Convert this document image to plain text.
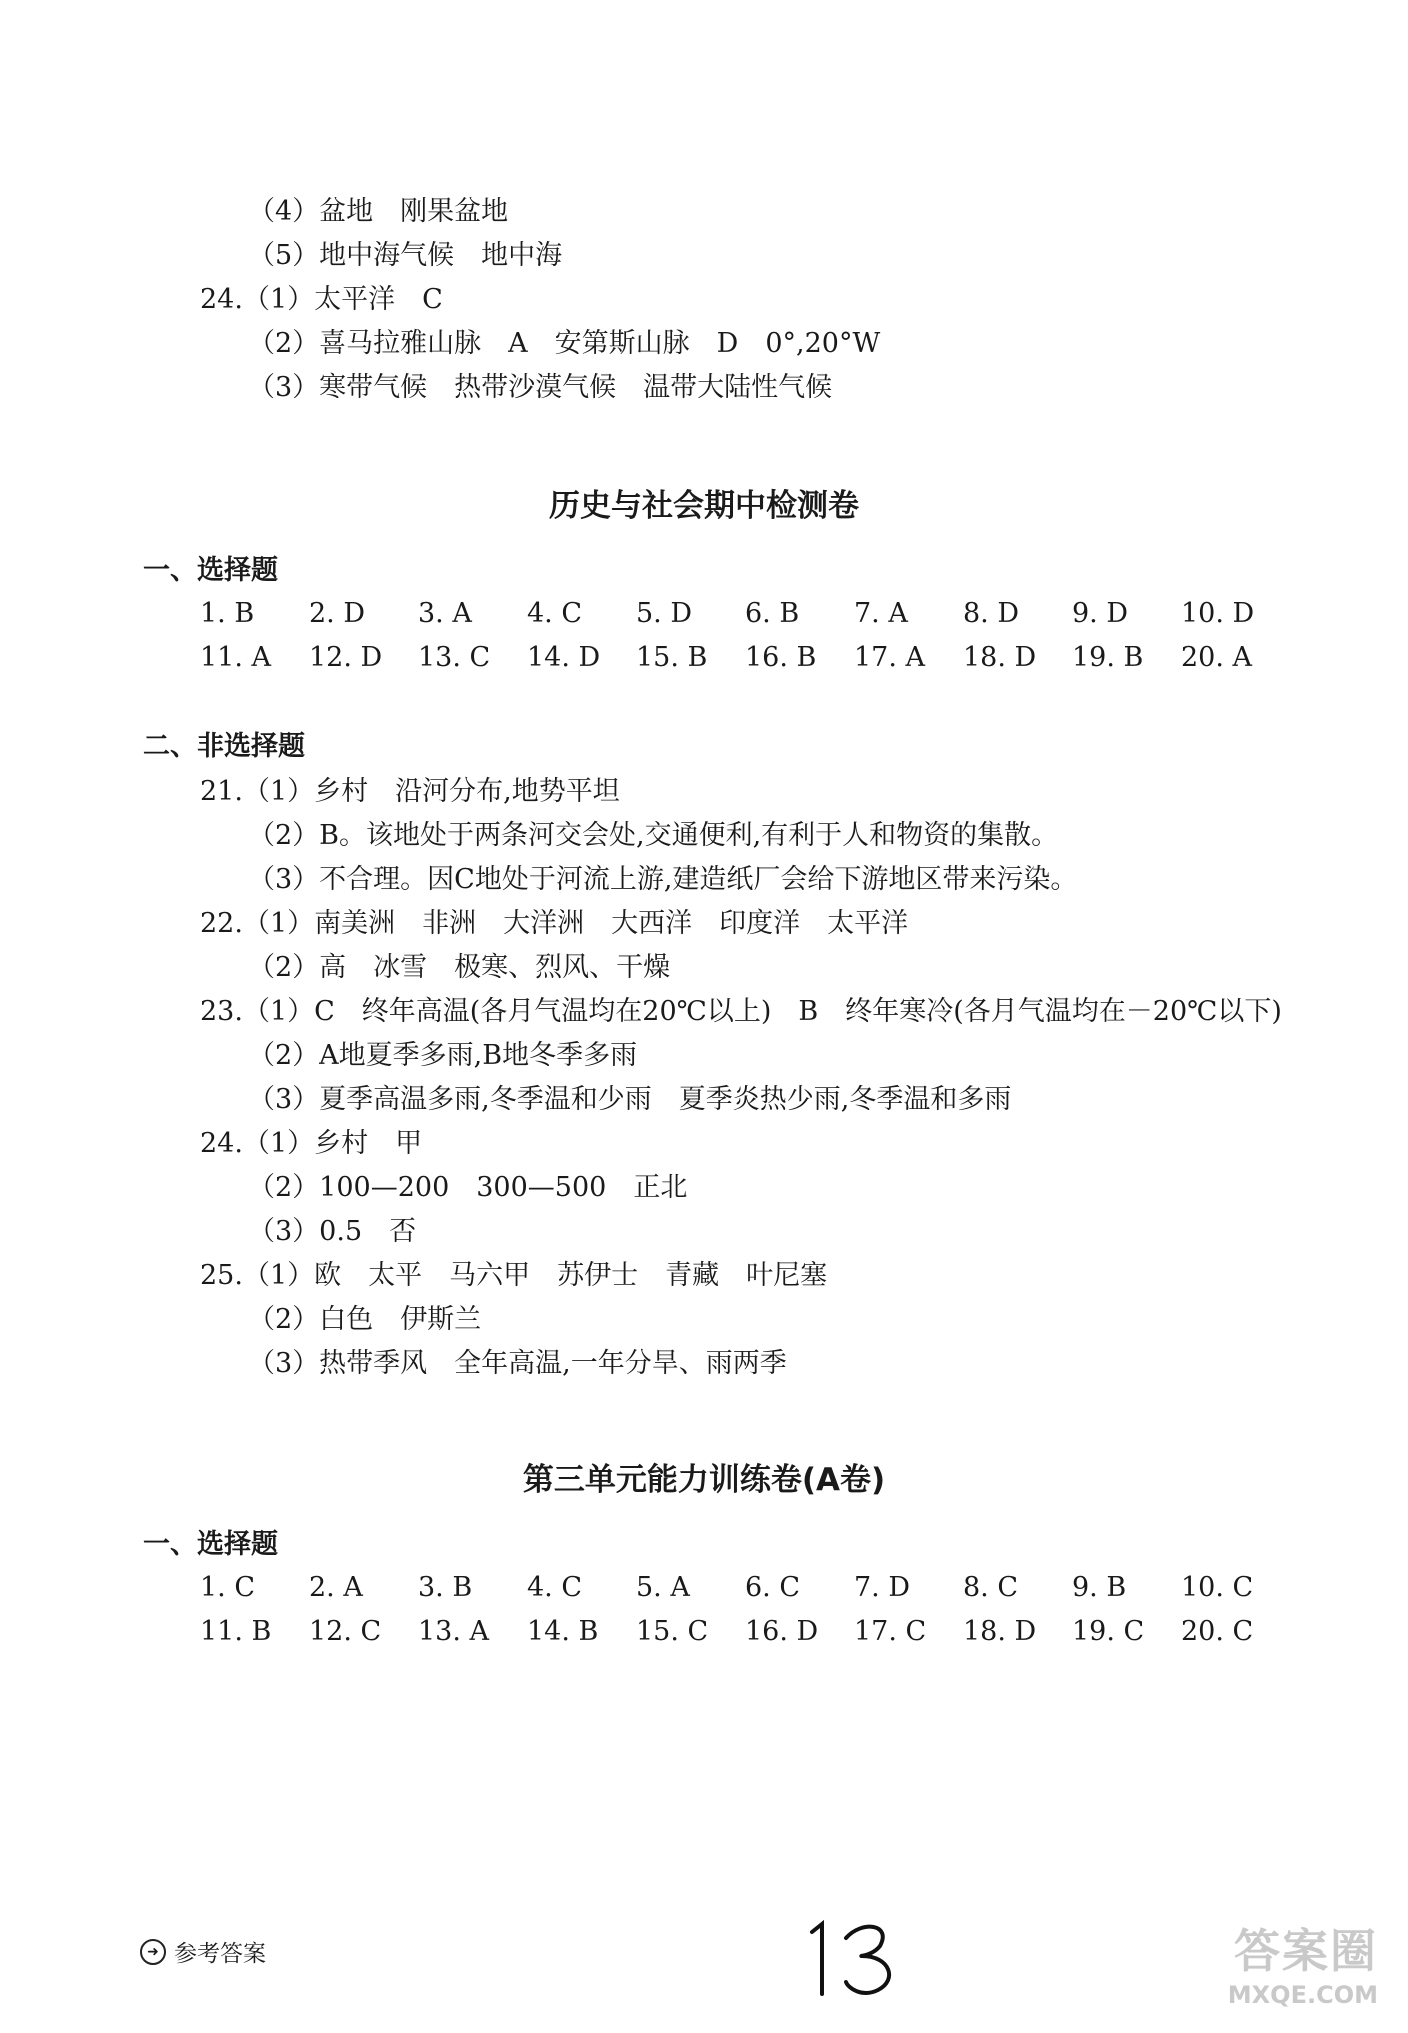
（4）盆地　刚果盆地
（5）地中海气候　地中海
24.（1）太平洋　C
（2）喜马拉雅山脉　A　安第斯山脉　D　0°,20°W
（3）寒带气候　热带沙漠气候　温带大陆性气候
历史与社会期中检测卷
一、选择题
1. B 2. D 3. A 4. C 5. D 6. B 7. A 8. D 9. D 10. D
11. A 12. D 13. C 14. D 15. B 16. B 17. A 18. D 19. B 20. A
二、非选择题
21.（1）乡村　沿河分布,地势平坦
（2）B。该地处于两条河交会处,交通便利,有利于人和物资的集散。
（3）不合理。因C地处于河流上游,建造纸厂会给下游地区带来污染。
22.（1）南美洲　非洲　大洋洲　大西洋　印度洋　太平洋
（2）高　冰雪　极寒、烈风、干燥
23.（1）C　终年高温(各月气温均在20℃以上)　B　终年寒冷(各月气温均在－20℃以下)
（2）A地夏季多雨,B地冬季多雨
（3）夏季高温多雨,冬季温和少雨　夏季炎热少雨,冬季温和多雨
24.（1）乡村　甲
（2）100—200　300—500　正北
（3）0.5　否
25.（1）欧　太平　马六甲　苏伊士　青藏　叶尼塞
（2）白色　伊斯兰
（3）热带季风　全年高温,一年分旱、雨两季
第三单元能力训练卷(A卷)
一、选择题
1. C 2. A 3. B 4. C 5. A 6. C 7. D 8. C 9. B 10. C
11. B 12. C 13. A 14. B 15. C 16. D 17. C 18. D 19. C 20. C
➜ 参考答案	答案圈
MXQE.COM
